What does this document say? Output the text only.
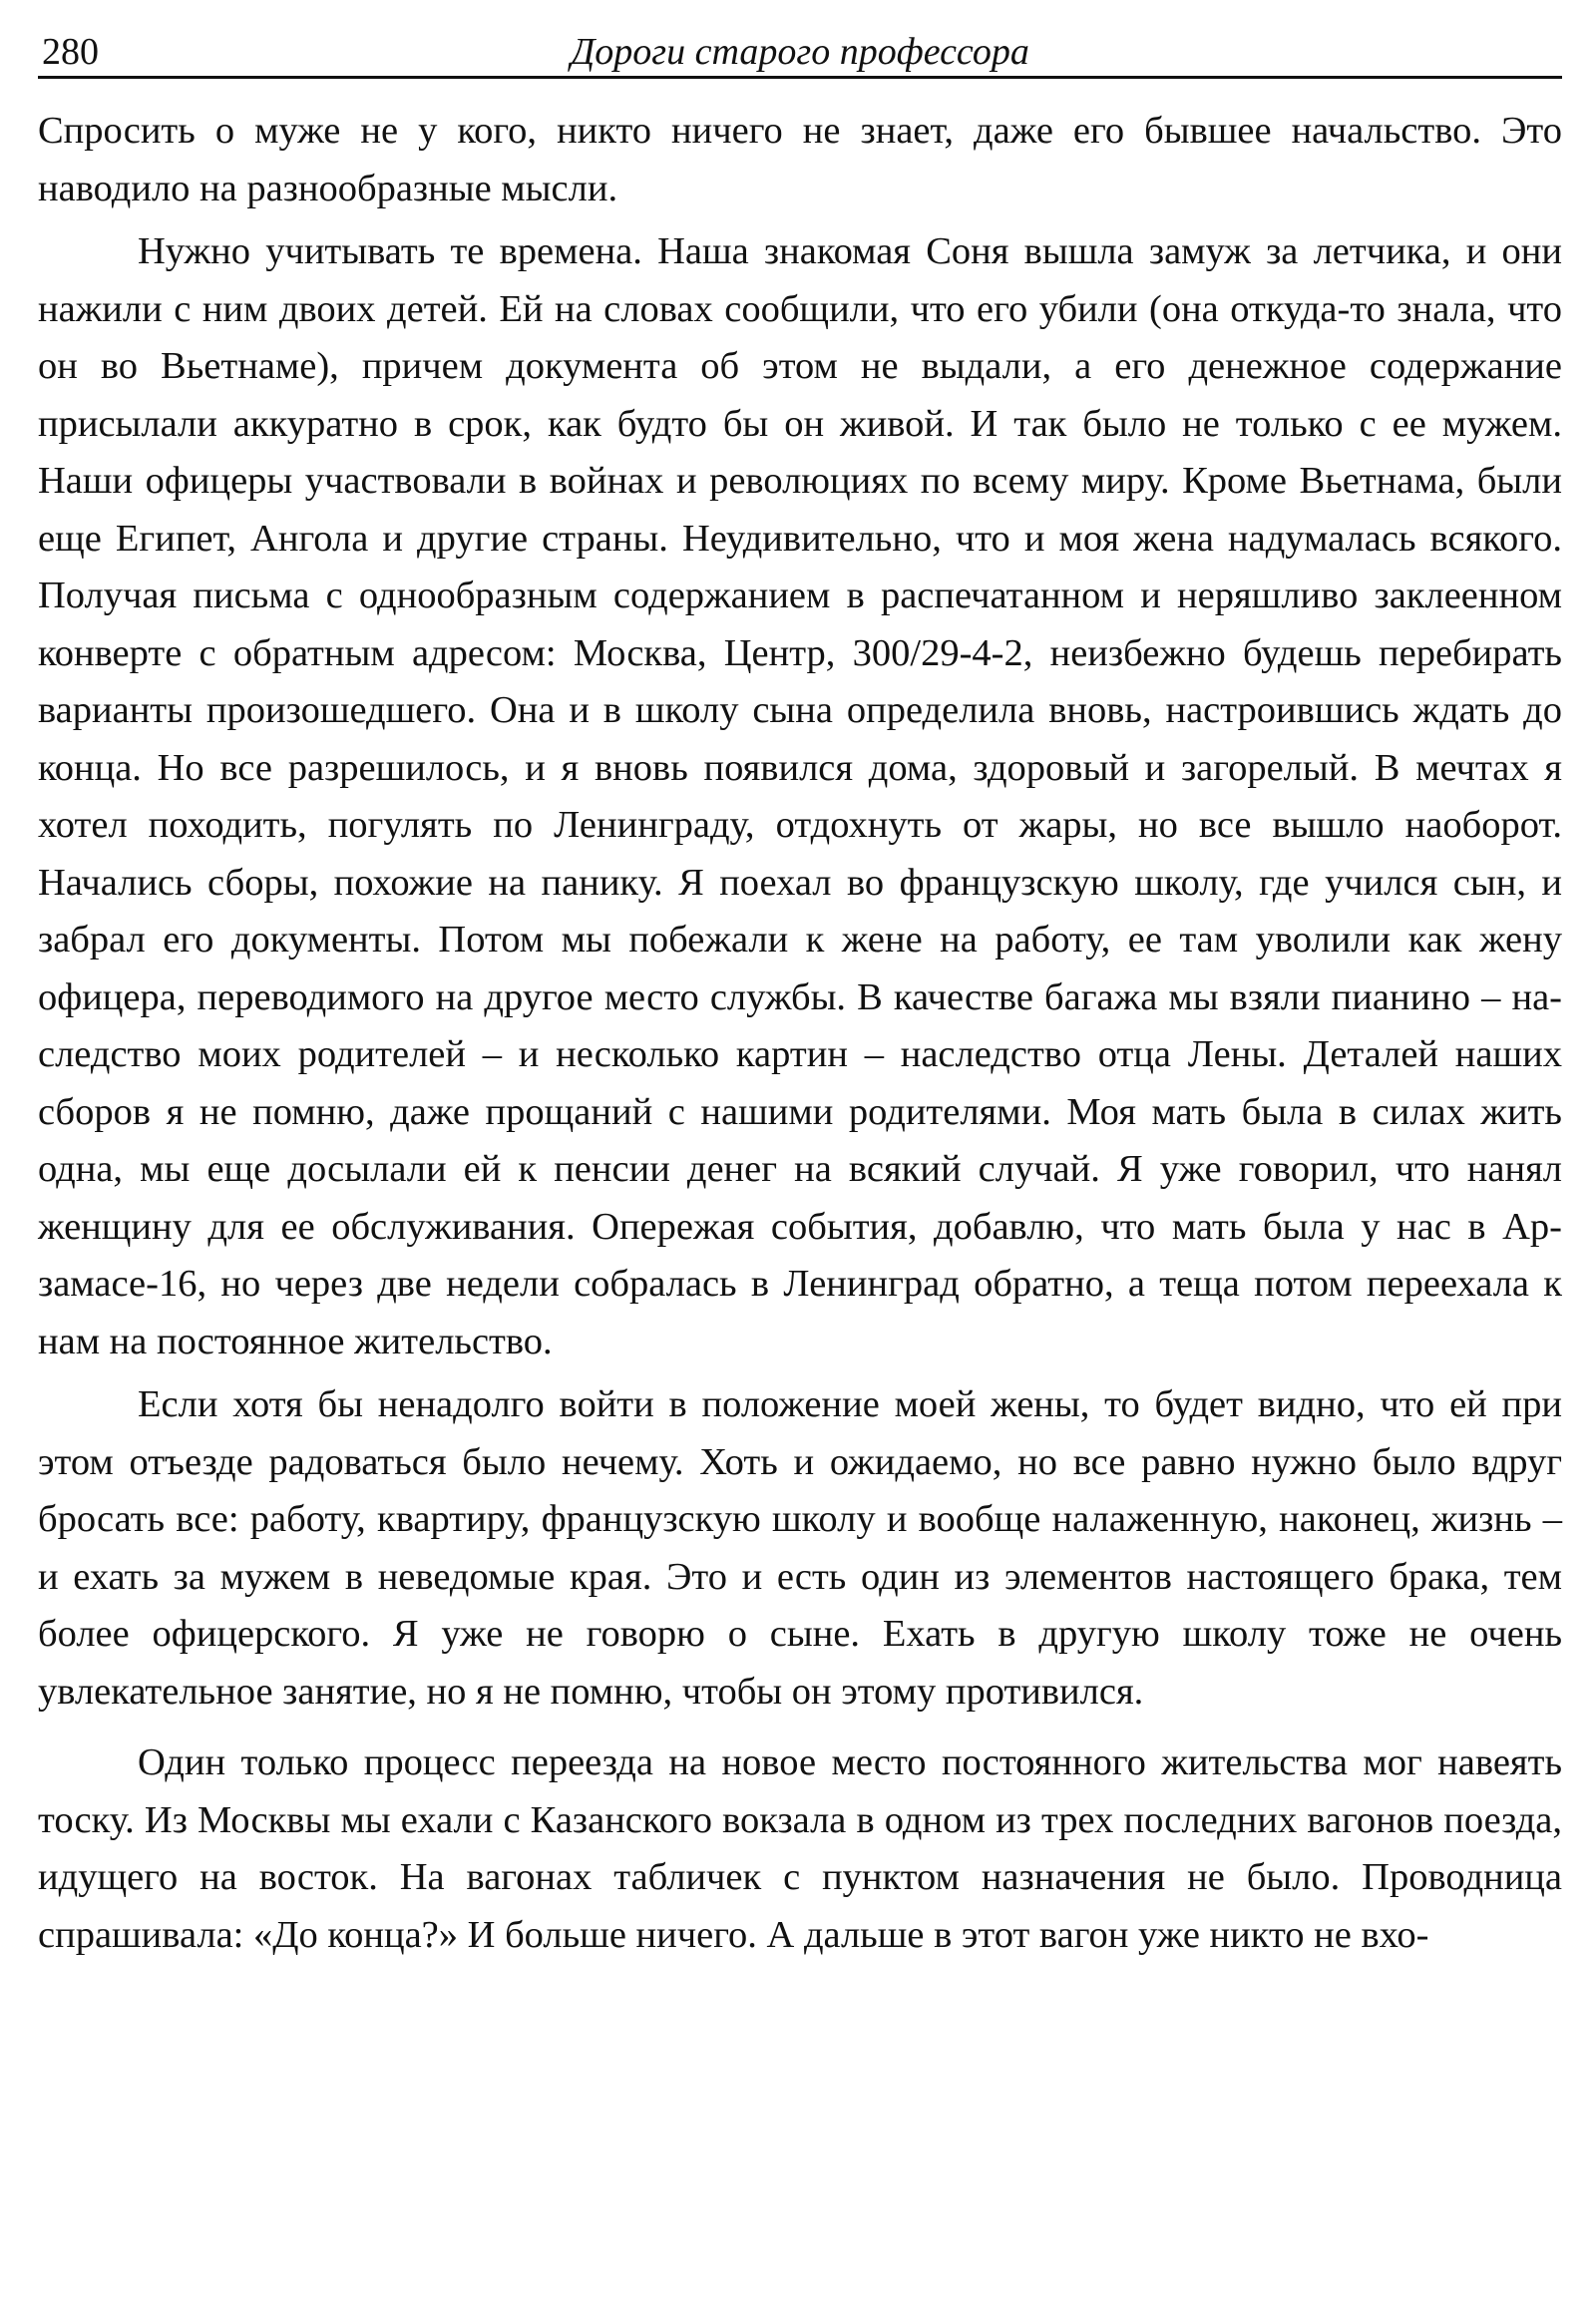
280	Дороги старого профессора

Спросить о муже не у кого, никто ничего не знает, даже его бывшее начальство. Это наводило на разнообразные мысли.

Нужно учитывать те времена. Наша знакомая Соня вышла замуж за летчика, и они нажили с ним двоих детей. Ей на словах сообщили, что его убили (она откуда-то знала, что он во Вьетнаме), причем документа об этом не выдали, а его денежное содержание присылали аккуратно в срок, как будто бы он живой. И так было не только с ее мужем. Наши офицеры участвовали в войнах и революциях по всему миру. Кроме Вьетнама, были еще Египет, Ангола и другие страны. Неудивительно, что и моя жена надумалась всякого. Получая письма с однообразным содержанием в распечатанном и неряшливо заклеенном конверте с обратным адресом: Москва, Центр, 300/29-4-2, неизбежно будешь перебирать варианты произошедшего. Она и в школу сына определила вновь, настроившись ждать до конца. Но все разрешилось, и я вновь появился дома, здоровый и загорелый. В мечтах я хотел походить, погулять по Ленинграду, отдохнуть от жары, но все вышло наоборот. Начались сборы, похожие на панику. Я поехал во французскую школу, где учился сын, и забрал его документы. Потом мы побежали к жене на работу, ее там уволили как жену офицера, переводимого на другое место службы. В качестве багажа мы взяли пианино – наследство моих родителей – и несколько картин – наследство отца Лены. Деталей наших сборов я не помню, даже прощаний с нашими родителями. Моя мать была в силах жить одна, мы еще досылали ей к пенсии денег на всякий случай. Я уже говорил, что нанял женщину для ее обслуживания. Опережая события, добавлю, что мать была у нас в Арзамасе-16, но через две недели собралась в Ленинград обратно, а теща потом переехала к нам на постоянное жительство.

Если хотя бы ненадолго войти в положение моей жены, то будет видно, что ей при этом отъезде радоваться было нечему. Хоть и ожидаемо, но все равно нужно было вдруг бросать все: работу, квартиру, французскую школу и вообще налаженную, наконец, жизнь – и ехать за мужем в неведомые края. Это и есть один из элементов настоящего брака, тем более офицерского. Я уже не говорю о сыне. Ехать в другую школу тоже не очень увлекательное занятие, но я не помню, чтобы он этому противился.

Один только процесс переезда на новое место постоянного жительства мог навеять тоску. Из Москвы мы ехали с Казанского вокзала в одном из трех последних вагонов поезда, идущего на восток. На вагонах табличек с пунктом назначения не было. Проводница спрашивала: «До конца?» И больше ничего. А дальше в этот вагон уже никто не вхо-
